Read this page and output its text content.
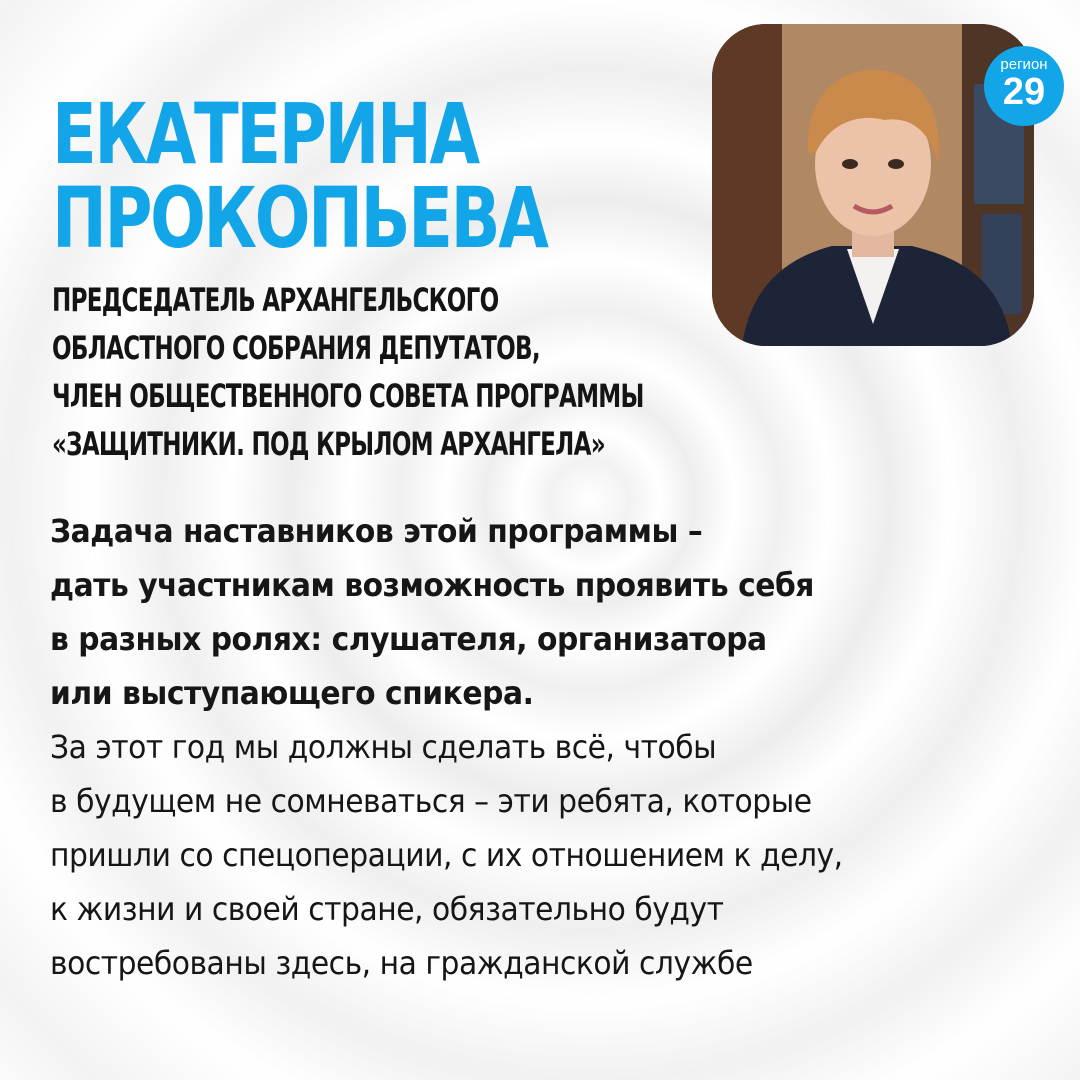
ЕКАТЕРИНА
ПРОКОПЬЕВА
ПРЕДСЕДАТЕЛЬ АРХАНГЕЛЬСКОГО
ОБЛАСТНОГО СОБРАНИЯ ДЕПУТАТОВ,
ЧЛЕН ОБЩЕСТВЕННОГО СОВЕТА ПРОГРАММЫ
«ЗАЩИТНИКИ. ПОД КРЫЛОМ АРХАНГЕЛА»
регион
29
Задача наставников этой программы –
дать участникам возможность проявить себя
в разных ролях: слушателя, организатора
или выступающего спикера.
За этот год мы должны сделать всё, чтобы
в будущем не сомневаться – эти ребята, которые
пришли со спецоперации, с их отношением к делу,
к жизни и своей стране, обязательно будут
востребованы здесь, на гражданской службе
